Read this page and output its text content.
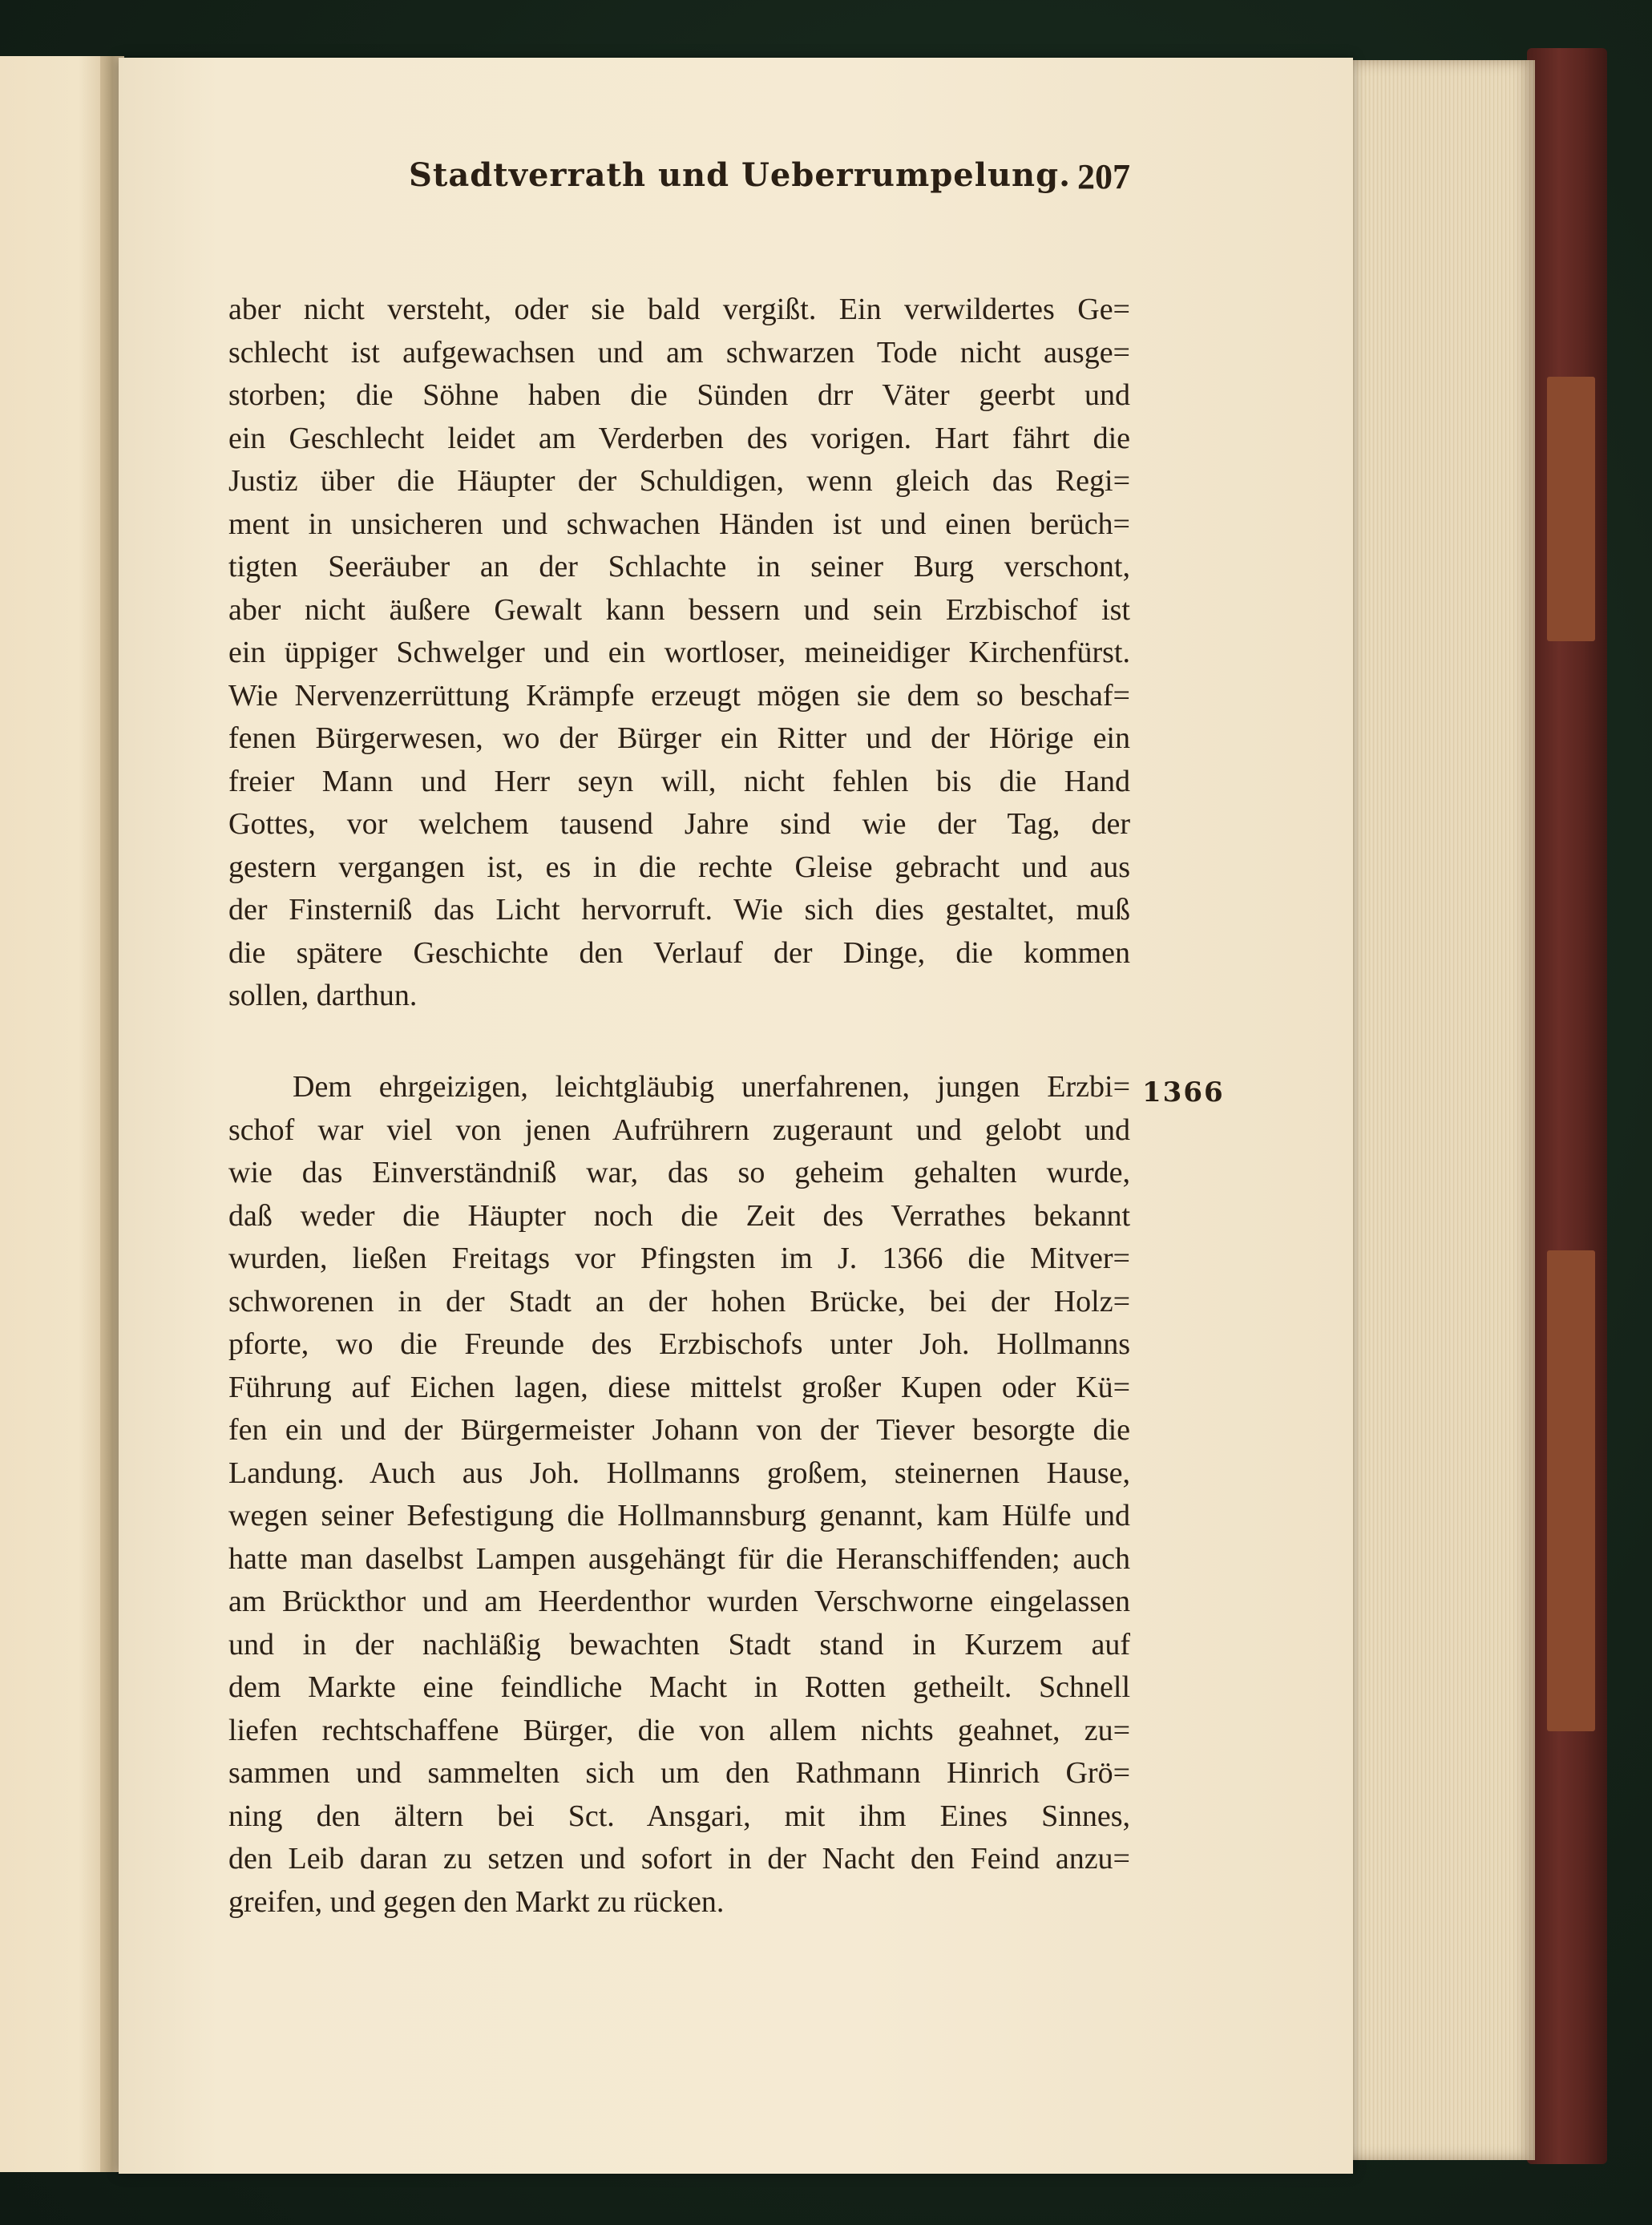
Stadtverrath und Ueberrumpelung. 207
aber nicht versteht, oder sie bald vergißt. Ein verwildertes Ge=
schlecht ist aufgewachsen und am schwarzen Tode nicht ausge=
storben; die Söhne haben die Sünden drr Väter geerbt und
ein Geschlecht leidet am Verderben des vorigen. Hart fährt die
Justiz über die Häupter der Schuldigen, wenn gleich das Regi=
ment in unsicheren und schwachen Händen ist und einen berüch=
tigten Seeräuber an der Schlachte in seiner Burg verschont,
aber nicht äußere Gewalt kann bessern und sein Erzbischof ist
ein üppiger Schwelger und ein wortloser, meineidiger Kirchenfürst.
Wie Nervenzerrüttung Krämpfe erzeugt mögen sie dem so beschaf=
fenen Bürgerwesen, wo der Bürger ein Ritter und der Hörige ein
freier Mann und Herr seyn will, nicht fehlen bis die Hand
Gottes, vor welchem tausend Jahre sind wie der Tag, der
gestern vergangen ist, es in die rechte Gleise gebracht und aus
der Finsterniß das Licht hervorruft. Wie sich dies gestaltet, muß
die spätere Geschichte den Verlauf der Dinge, die kommen
sollen, darthun.
1366
Dem ehrgeizigen, leichtgläubig unerfahrenen, jungen Erzbi=
schof war viel von jenen Aufrührern zugeraunt und gelobt und
wie das Einverständniß war, das so geheim gehalten wurde,
daß weder die Häupter noch die Zeit des Verrathes bekannt
wurden, ließen Freitags vor Pfingsten im J. 1366 die Mitver=
schworenen in der Stadt an der hohen Brücke, bei der Holz=
pforte, wo die Freunde des Erzbischofs unter Joh. Hollmanns
Führung auf Eichen lagen, diese mittelst großer Kupen oder Kü=
fen ein und der Bürgermeister Johann von der Tiever besorgte die
Landung. Auch aus Joh. Hollmanns großem, steinernen Hause,
wegen seiner Befestigung die Hollmannsburg genannt, kam Hülfe und
hatte man daselbst Lampen ausgehängt für die Heranschiffenden; auch
am Brückthor und am Heerdenthor wurden Verschworne eingelassen
und in der nachläßig bewachten Stadt stand in Kurzem auf
dem Markte eine feindliche Macht in Rotten getheilt. Schnell
liefen rechtschaffene Bürger, die von allem nichts geahnet, zu=
sammen und sammelten sich um den Rathmann Hinrich Grö=
ning den ältern bei Sct. Ansgari, mit ihm Eines Sinnes,
den Leib daran zu setzen und sofort in der Nacht den Feind anzu=
greifen, und gegen den Markt zu rücken.
